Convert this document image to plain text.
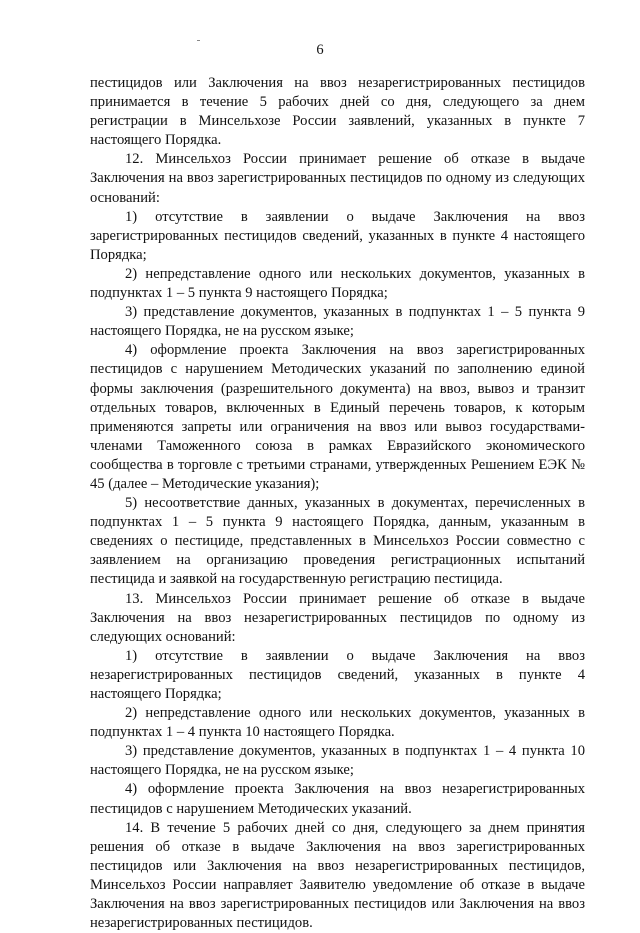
6

пестицидов или Заключения на ввоз незарегистрированных пестицидов принимается в течение 5 рабочих дней со дня, следующего за днем регистрации в Минсельхозе России заявлений, указанных в пункте 7 настоящего Порядка.

12. Минсельхоз России принимает решение об отказе в выдаче Заключения на ввоз зарегистрированных пестицидов по одному из следующих оснований:

1) отсутствие в заявлении о выдаче Заключения на ввоз зарегистрированных пестицидов сведений, указанных в пункте 4 настоящего Порядка;

2) непредставление одного или нескольких документов, указанных в подпунктах 1 – 5 пункта 9 настоящего Порядка;

3) представление документов, указанных в подпунктах 1 – 5 пункта 9 настоящего Порядка, не на русском языке;

4) оформление проекта Заключения на ввоз зарегистрированных пестицидов с нарушением Методических указаний по заполнению единой формы заключения (разрешительного документа) на ввоз, вывоз и транзит отдельных товаров, включенных в Единый перечень товаров, к которым применяются запреты или ограничения на ввоз или вывоз государствами-членами Таможенного союза в рамках Евразийского экономического сообщества в торговле с третьими странами, утвержденных Решением ЕЭК № 45 (далее – Методические указания);

5) несоответствие данных, указанных в документах, перечисленных в подпунктах 1 – 5 пункта 9 настоящего Порядка, данным, указанным в сведениях о пестициде, представленных в Минсельхоз России совместно с заявлением на организацию проведения регистрационных испытаний пестицида и заявкой на государственную регистрацию пестицида.

13. Минсельхоз России принимает решение об отказе в выдаче Заключения на ввоз незарегистрированных пестицидов по одному из следующих оснований:

1) отсутствие в заявлении о выдаче Заключения на ввоз незарегистрированных пестицидов сведений, указанных в пункте 4 настоящего Порядка;

2) непредставление одного или нескольких документов, указанных в подпунктах 1 – 4 пункта 10 настоящего Порядка.

3) представление документов, указанных в подпунктах 1 – 4 пункта 10 настоящего Порядка, не на русском языке;

4) оформление проекта Заключения на ввоз незарегистрированных пестицидов с нарушением Методических указаний.

14. В течение 5 рабочих дней со дня, следующего за днем принятия решения об отказе в выдаче Заключения на ввоз зарегистрированных пестицидов или Заключения на ввоз незарегистрированных пестицидов, Минсельхоз России направляет Заявителю уведомление об отказе в выдаче Заключения на ввоз зарегистрированных пестицидов или Заключения на ввоз незарегистрированных пестицидов.
